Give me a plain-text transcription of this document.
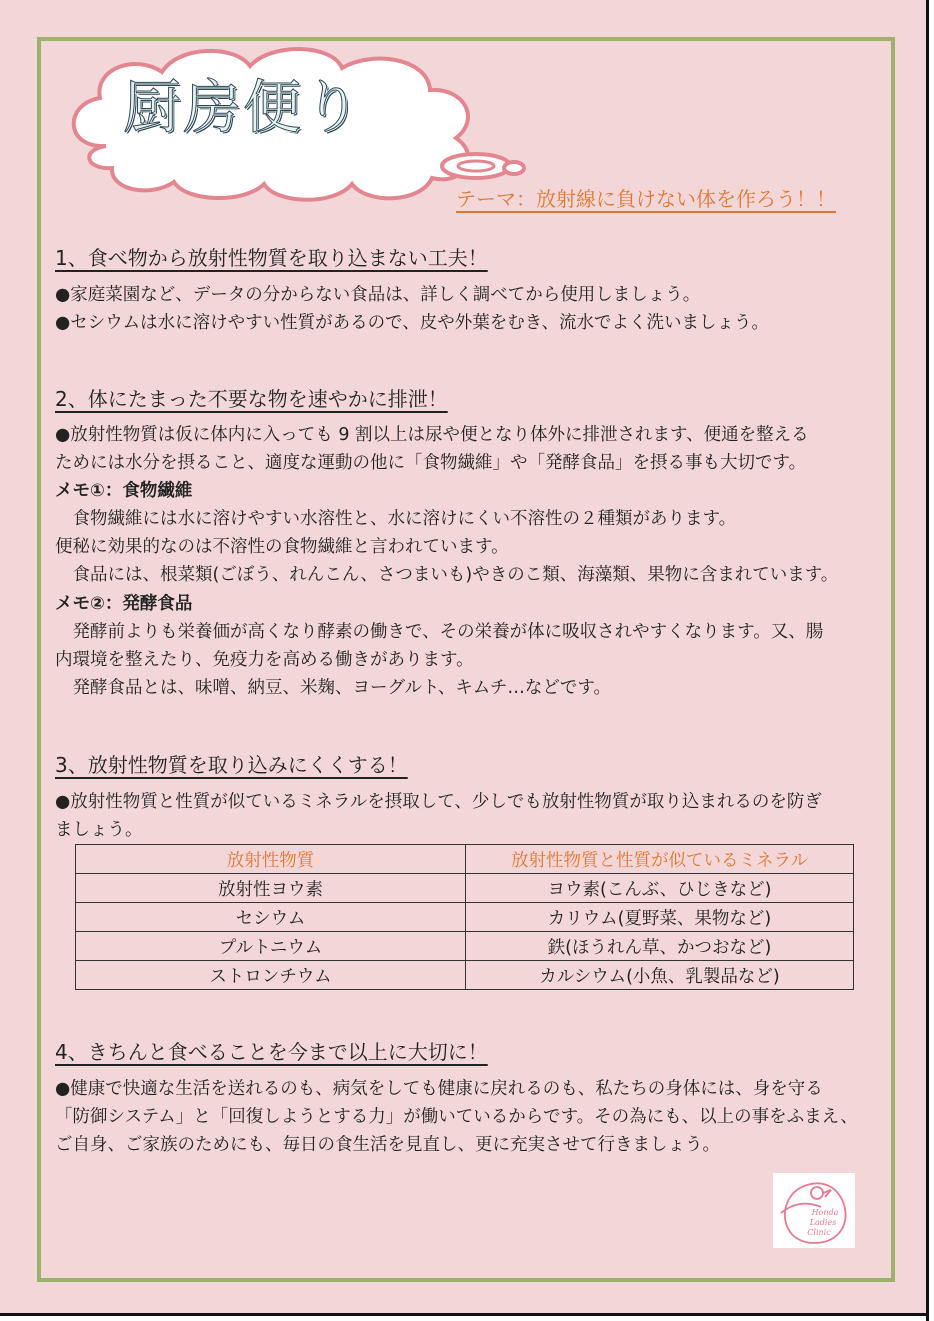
厨房便り
テーマ：放射線に負けない体を作ろう！！
1、食べ物から放射性物質を取り込まない工夫！
●家庭菜園など、データの分からない食品は、詳しく調べてから使用しましょう。
●セシウムは水に溶けやすい性質があるので、皮や外葉をむき、流水でよく洗いましょう。
2、体にたまった不要な物を速やかに排泄！
●放射性物質は仮に体内に入っても 9 割以上は尿や便となり体外に排泄されます、便通を整える
ためには水分を摂ること、適度な運動の他に「食物繊維」や「発酵食品」を摂る事も大切です。
メモ①：食物繊維
　食物繊維には水に溶けやすい水溶性と、水に溶けにくい不溶性の２種類があります。
便秘に効果的なのは不溶性の食物繊維と言われています。
　食品には、根菜類(ごぼう、れんこん、さつまいも)やきのこ類、海藻類、果物に含まれています。
メモ②：発酵食品
　発酵前よりも栄養価が高くなり酵素の働きで、その栄養が体に吸収されやすくなります。又、腸
内環境を整えたり、免疫力を高める働きがあります。
　発酵食品とは、味噌、納豆、米麹、ヨーグルト、キムチ…などです。
3、放射性物質を取り込みにくくする！
●放射性物質と性質が似ているミネラルを摂取して、少しでも放射性物質が取り込まれるのを防ぎ
ましょう。
放射性物質	放射性物質と性質が似ているミネラル
放射性ヨウ素	ヨウ素(こんぶ、ひじきなど)
セシウム	カリウム(夏野菜、果物など)
プルトニウム	鉄(ほうれん草、かつおなど)
ストロンチウム	カルシウム(小魚、乳製品など)
4、きちんと食べることを今まで以上に大切に！
●健康で快適な生活を送れるのも、病気をしても健康に戻れるのも、私たちの身体には、身を守る
「防御システム」と「回復しようとする力」が働いているからです。その為にも、以上の事をふまえ、
ご自身、ご家族のためにも、毎日の食生活を見直し、更に充実させて行きましょう。
Honda
Ladies
Clinic
